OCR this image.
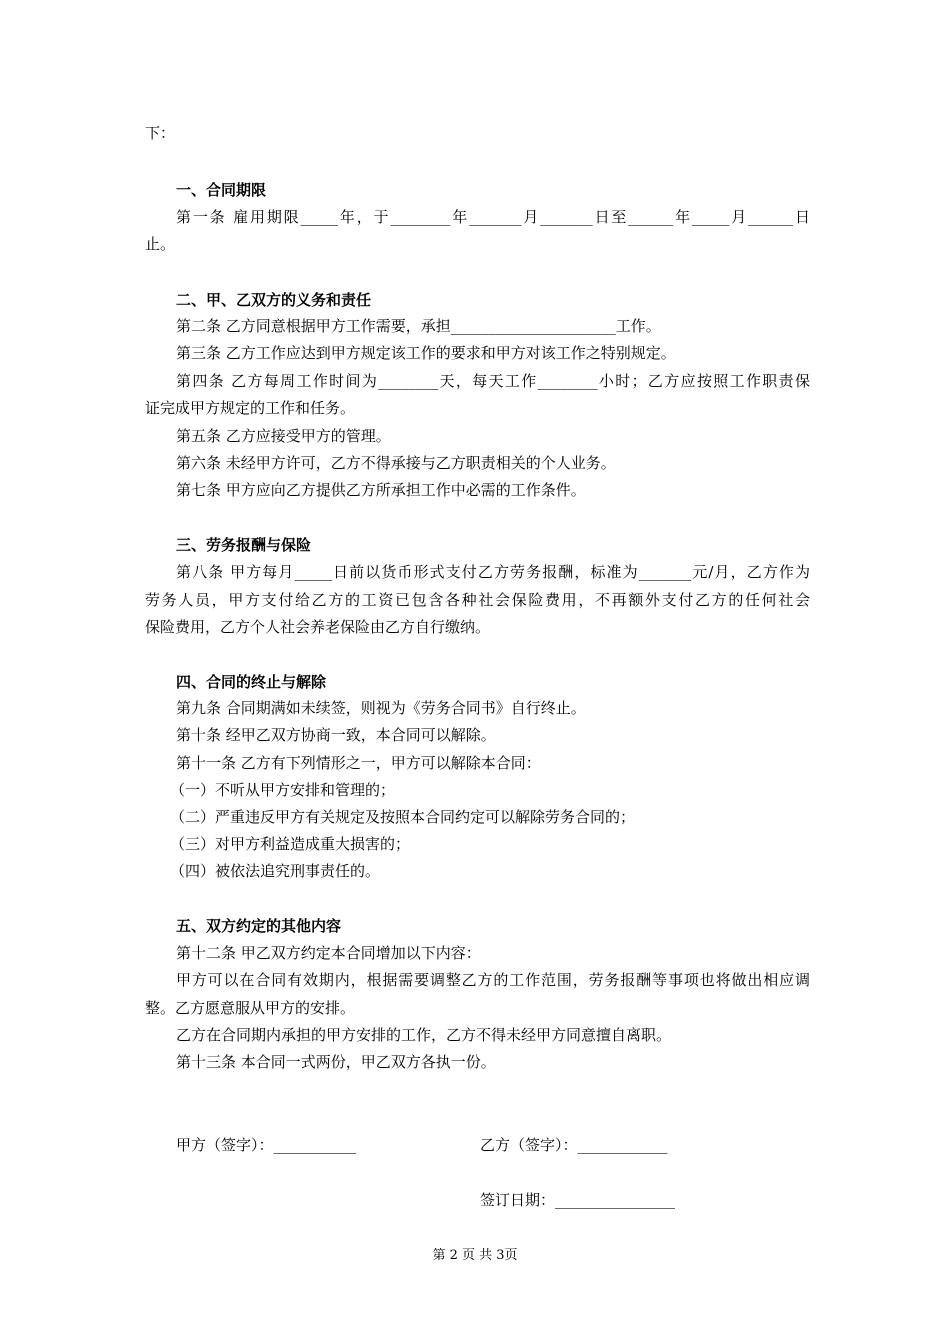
下：
一、合同期限
第一条 雇用期限_____年，于________年_______月_______日至______年_____月______日
止。
二、甲、乙双方的义务和责任
第二条 乙方同意根据甲方工作需要，承担______________________工作。
第三条 乙方工作应达到甲方规定该工作的要求和甲方对该工作之特别规定。
第四条 乙方每周工作时间为________天，每天工作________小时；乙方应按照工作职责保
证完成甲方规定的工作和任务。
第五条 乙方应接受甲方的管理。
第六条 未经甲方许可，乙方不得承接与乙方职责相关的个人业务。
第七条 甲方应向乙方提供乙方所承担工作中必需的工作条件。
三、劳务报酬与保险
第八条 甲方每月_____日前以货币形式支付乙方劳务报酬，标准为_______元/月，乙方作为
劳务人员，甲方支付给乙方的工资已包含各种社会保险费用，不再额外支付乙方的任何社会
保险费用，乙方个人社会养老保险由乙方自行缴纳。
四、合同的终止与解除
第九条 合同期满如未续签，则视为《劳务合同书》自行终止。
第十条 经甲乙双方协商一致，本合同可以解除。
第十一条 乙方有下列情形之一，甲方可以解除本合同：
（一）不听从甲方安排和管理的；
（二）严重违反甲方有关规定及按照本合同约定可以解除劳务合同的；
（三）对甲方利益造成重大损害的；
（四）被依法追究刑事责任的。
五、双方约定的其他内容
第十二条 甲乙双方约定本合同增加以下内容：
甲方可以在合同有效期内，根据需要调整乙方的工作范围，劳务报酬等事项也将做出相应调
整。乙方愿意服从甲方的安排。
乙方在合同期内承担的甲方安排的工作，乙方不得未经甲方同意擅自离职。
第十三条 本合同一式两份，甲乙双方各执一份。
甲方（签字）：___________	乙方（签字）：____________
签订日期：________________
第 2 页 共 3页
